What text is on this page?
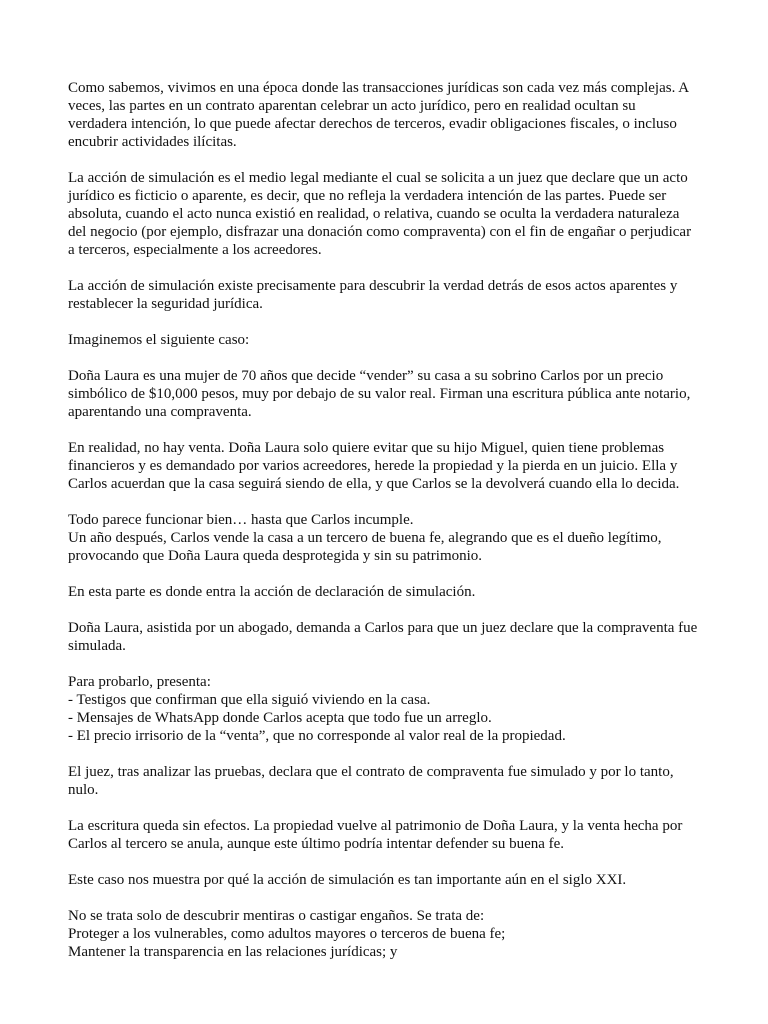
Como sabemos, vivimos en una época donde las transacciones jurídicas son cada vez más complejas. A
veces, las partes en un contrato aparentan celebrar un acto jurídico, pero en realidad ocultan su
verdadera intención, lo que puede afectar derechos de terceros, evadir obligaciones fiscales, o incluso
encubrir actividades ilícitas.

La acción de simulación es el medio legal mediante el cual se solicita a un juez que declare que un acto
jurídico es ficticio o aparente, es decir, que no refleja la verdadera intención de las partes. Puede ser
absoluta, cuando el acto nunca existió en realidad, o relativa, cuando se oculta la verdadera naturaleza
del negocio (por ejemplo, disfrazar una donación como compraventa) con el fin de engañar o perjudicar
a terceros, especialmente a los acreedores.

La acción de simulación existe precisamente para descubrir la verdad detrás de esos actos aparentes y
restablecer la seguridad jurídica.

Imaginemos el siguiente caso:

Doña Laura es una mujer de 70 años que decide “vender” su casa a su sobrino Carlos por un precio
simbólico de $10,000 pesos, muy por debajo de su valor real. Firman una escritura pública ante notario,
aparentando una compraventa.

En realidad, no hay venta. Doña Laura solo quiere evitar que su hijo Miguel, quien tiene problemas
financieros y es demandado por varios acreedores, herede la propiedad y la pierda en un juicio. Ella y
Carlos acuerdan que la casa seguirá siendo de ella, y que Carlos se la devolverá cuando ella lo decida.

Todo parece funcionar bien… hasta que Carlos incumple.
Un año después, Carlos vende la casa a un tercero de buena fe, alegrando que es el dueño legítimo,
provocando que Doña Laura queda desprotegida y sin su patrimonio.

En esta parte es donde entra la acción de declaración de simulación.

Doña Laura, asistida por un abogado, demanda a Carlos para que un juez declare que la compraventa fue
simulada.

Para probarlo, presenta:
- Testigos que confirman que ella siguió viviendo en la casa.
- Mensajes de WhatsApp donde Carlos acepta que todo fue un arreglo.
- El precio irrisorio de la “venta”, que no corresponde al valor real de la propiedad.

El juez, tras analizar las pruebas, declara que el contrato de compraventa fue simulado y por lo tanto,
nulo.

La escritura queda sin efectos. La propiedad vuelve al patrimonio de Doña Laura, y la venta hecha por
Carlos al tercero se anula, aunque este último podría intentar defender su buena fe.

Este caso nos muestra por qué la acción de simulación es tan importante aún en el siglo XXI.

No se trata solo de descubrir mentiras o castigar engaños. Se trata de:
Proteger a los vulnerables, como adultos mayores o terceros de buena fe;
Mantener la transparencia en las relaciones jurídicas; y
